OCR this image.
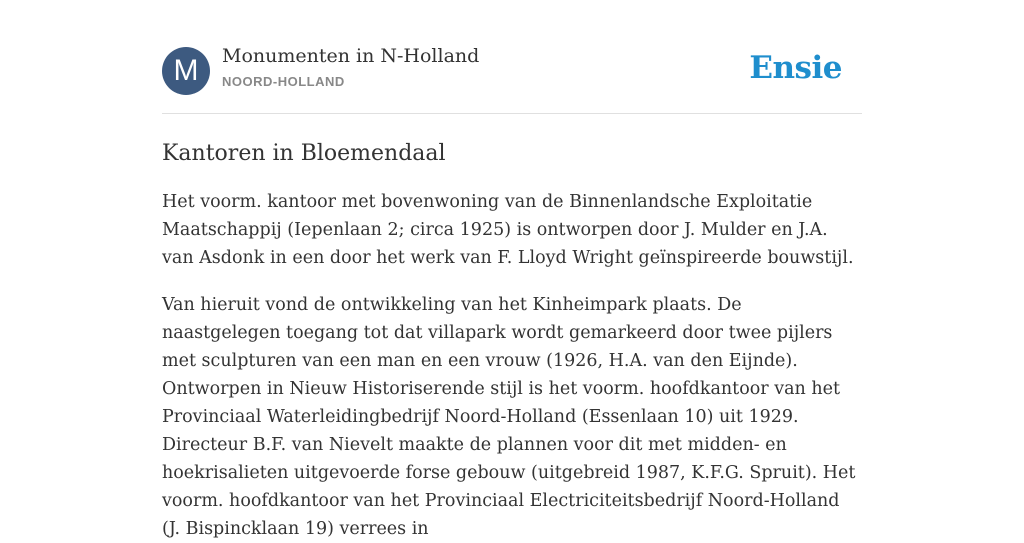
M	Monumenten in N-Holland
NOORD-HOLLAND	Ensie
Kantoren in Bloemendaal

Het voorm. kantoor met bovenwoning van de Binnenlandsche Exploitatie Maatschappij (Iepenlaan 2; circa 1925) is ontworpen door J. Mulder en J.A. van Asdonk in een door het werk van F. Lloyd Wright geïnspireerde bouwstijl.

Van hieruit vond de ontwikkeling van het Kinheimpark plaats. De naastgelegen toegang tot dat villapark wordt gemarkeerd door twee pijlers met sculpturen van een man en een vrouw (1926, H.A. van den Eijnde). Ontworpen in Nieuw Historiserende stijl is het voorm. hoofdkantoor van het Provinciaal Waterleidingbedrijf Noord-Holland (Essenlaan 10) uit 1929. Directeur B.F. van Nievelt maakte de plannen voor dit met midden- en hoekrisalieten uitgevoerde forse gebouw (uitgebreid 1987, K.F.G. Spruit). Het voorm. hoofdkantoor van het Provinciaal Electriciteitsbedrijf Noord-Holland (J. Bispincklaan 19) verrees in
